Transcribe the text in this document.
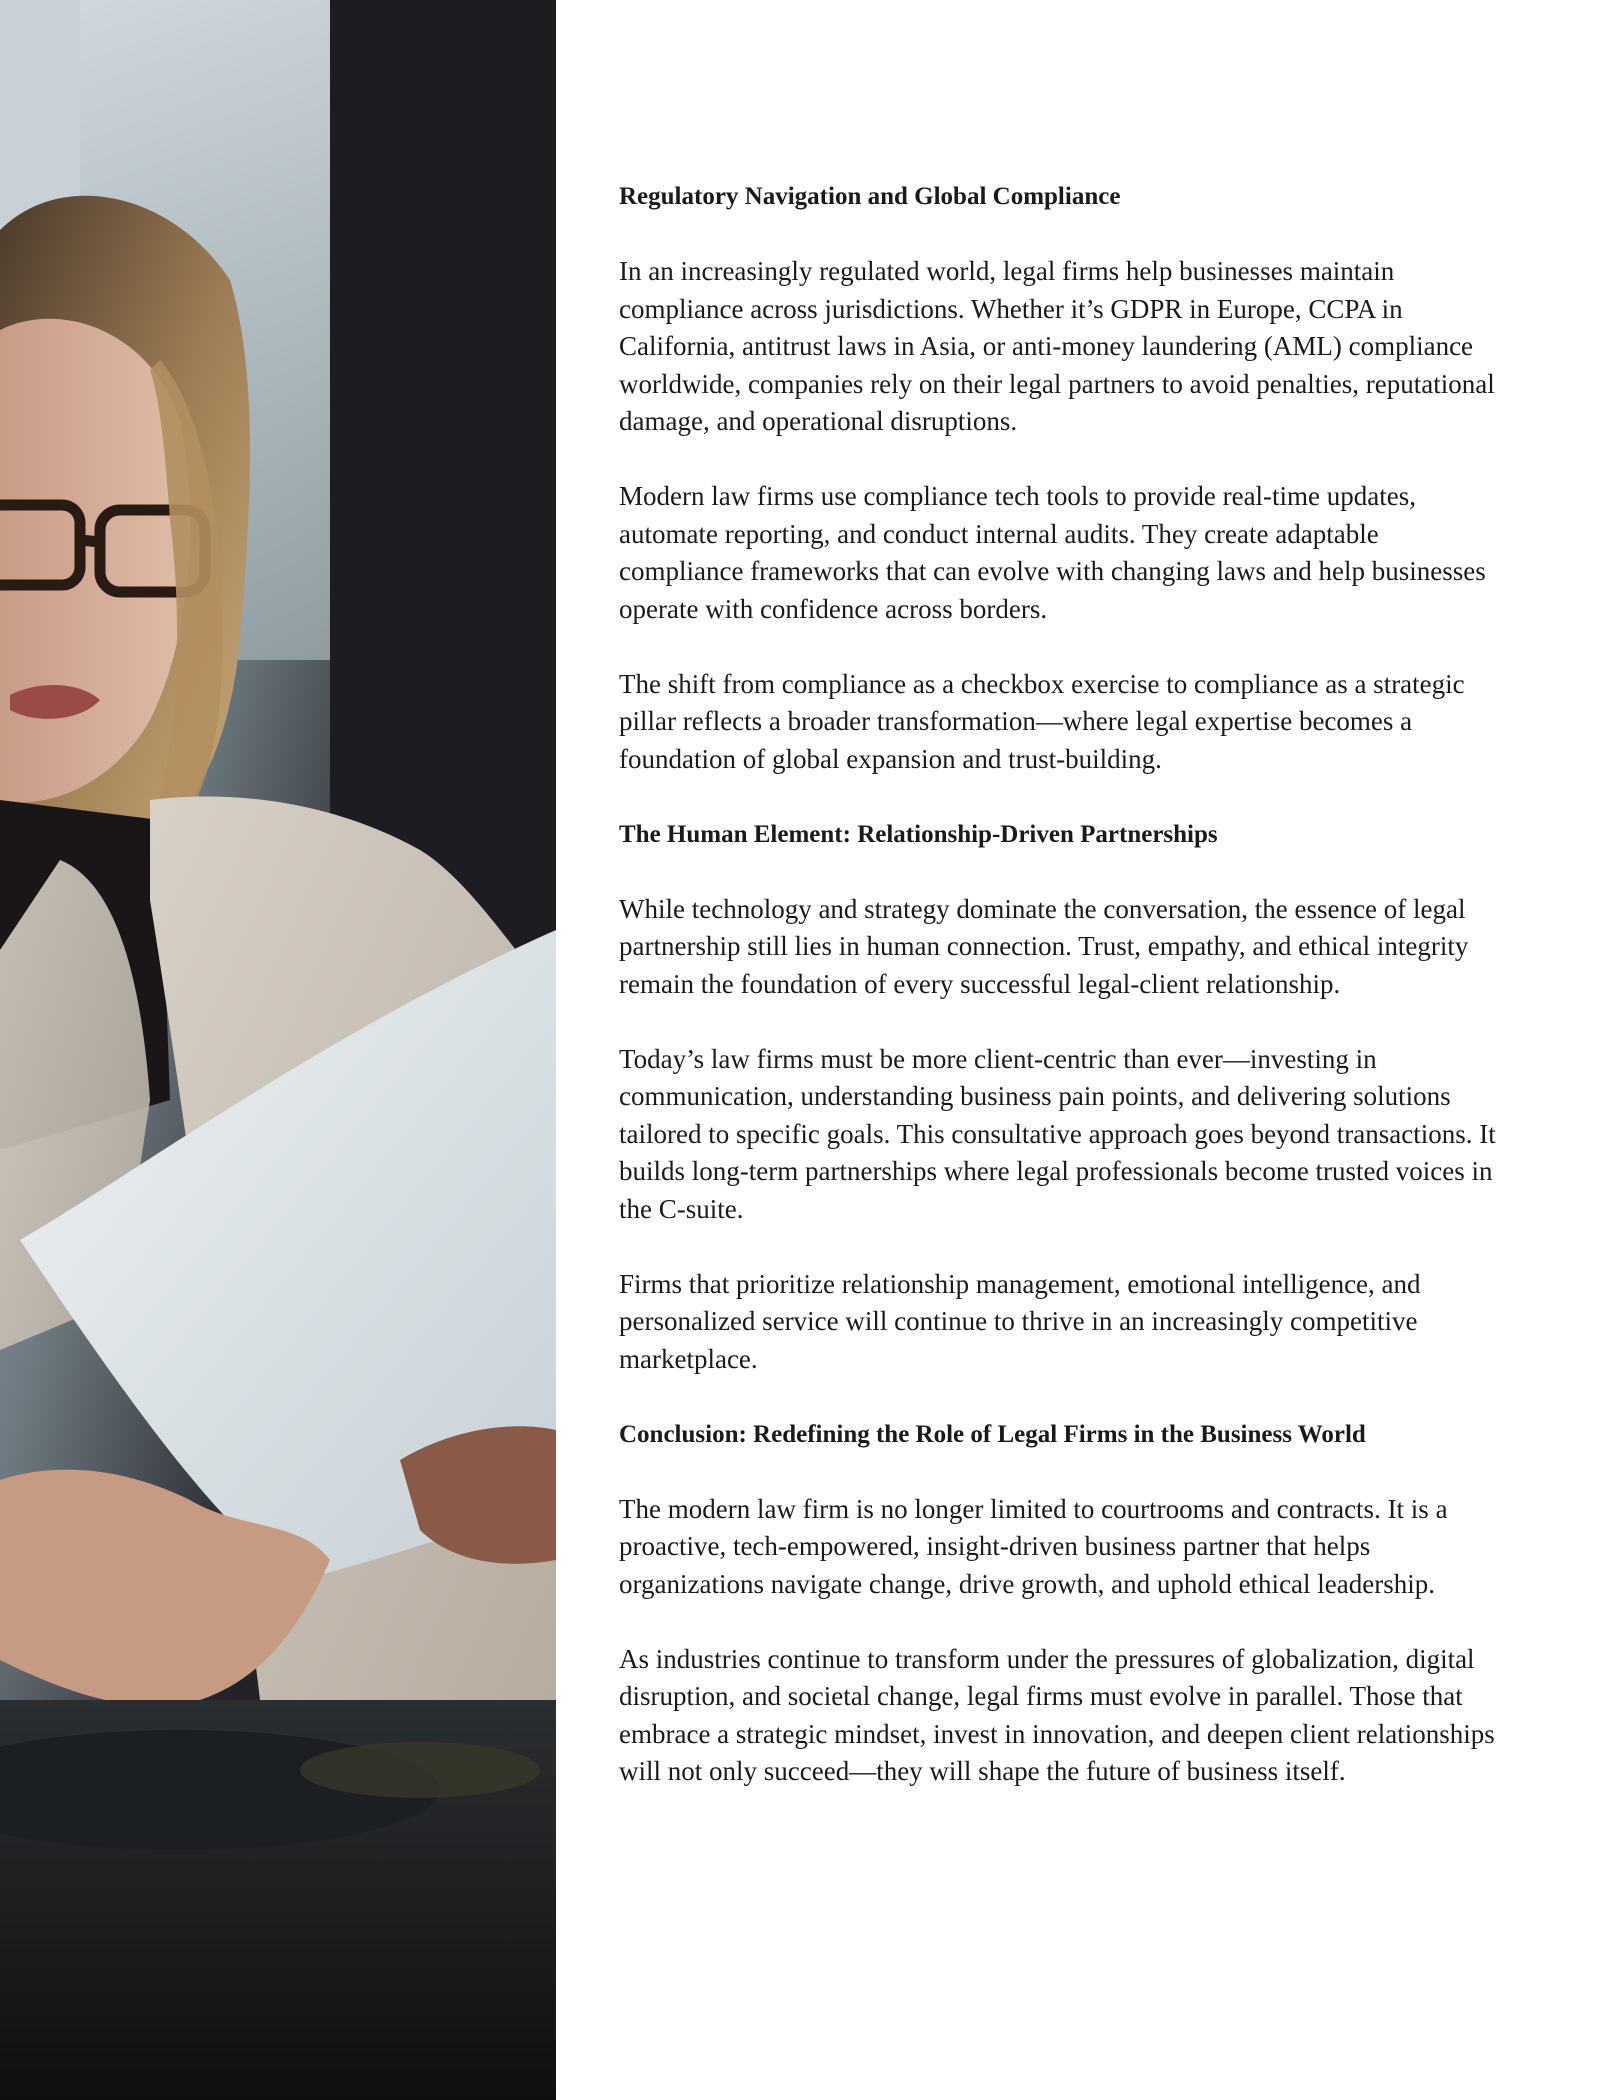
Regulatory Navigation and Global Compliance

In an increasingly regulated world, legal firms help businesses maintain compliance across jurisdictions. Whether it’s GDPR in Europe, CCPA in California, antitrust laws in Asia, or anti-money laundering (AML) compliance worldwide, companies rely on their legal partners to avoid penalties, reputational damage, and operational disruptions.

Modern law firms use compliance tech tools to provide real-time updates, automate reporting, and conduct internal audits. They create adaptable compliance frameworks that can evolve with changing laws and help businesses operate with confidence across borders.

The shift from compliance as a checkbox exercise to compliance as a strategic pillar reflects a broader transformation—where legal expertise becomes a foundation of global expansion and trust-building.

The Human Element: Relationship-Driven Partnerships

While technology and strategy dominate the conversation, the essence of legal partnership still lies in human connection. Trust, empathy, and ethical integrity remain the foundation of every successful legal-client relationship.

Today’s law firms must be more client-centric than ever—investing in communication, understanding business pain points, and delivering solutions tailored to specific goals. This consultative approach goes beyond transactions. It builds long-term partnerships where legal professionals become trusted voices in the C-suite.

Firms that prioritize relationship management, emotional intelligence, and personalized service will continue to thrive in an increasingly competitive marketplace.

Conclusion: Redefining the Role of Legal Firms in the Business World

The modern law firm is no longer limited to courtrooms and contracts. It is a proactive, tech-empowered, insight-driven business partner that helps organizations navigate change, drive growth, and uphold ethical leadership.

As industries continue to transform under the pressures of globalization, digital disruption, and societal change, legal firms must evolve in parallel. Those that embrace a strategic mindset, invest in innovation, and deepen client relationships will not only succeed—they will shape the future of business itself.
